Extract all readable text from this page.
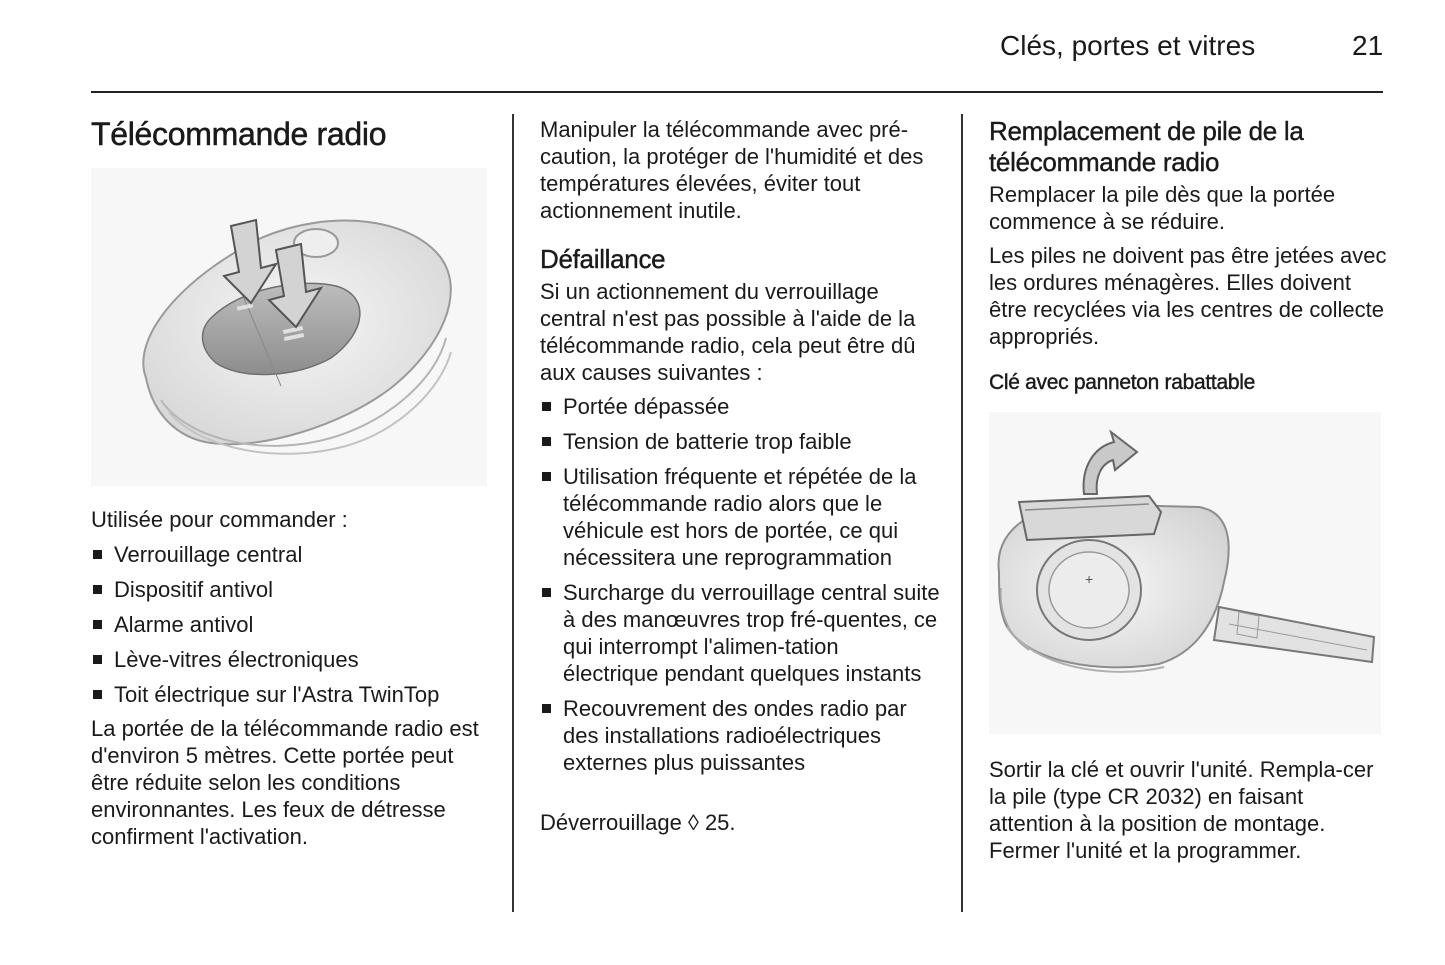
Clés, portes et vitres	21
Télécommande radio
Utilisée pour commander :
Verrouillage central
Dispositif antivol
Alarme antivol
Lève-vitres électroniques
Toit électrique sur l'Astra TwinTop

La portée de la télécommande radio est d'environ 5 mètres. Cette portée peut être réduite selon les conditions environnantes. Les feux de détresse confirment l'activation.

Manipuler la télécommande avec pré-caution, la protéger de l'humidité et des températures élevées, éviter tout actionnement inutile.

Défaillance

Si un actionnement du verrouillage central n'est pas possible à l'aide de la télécommande radio, cela peut être dû aux causes suivantes :

Portée dépassée
Tension de batterie trop faible
Utilisation fréquente et répétée de la télécommande radio alors que le véhicule est hors de portée, ce qui nécessitera une reprogrammation
Surcharge du verrouillage central suite à des manœuvres trop fré-quentes, ce qui interrompt l'alimen-tation électrique pendant quelques instants
Recouvrement des ondes radio par des installations radioélectriques externes plus puissantes
Déverrouillage ◊ 25.
Remplacement de pile de la télécommande radio

Remplacer la pile dès que la portée commence à se réduire.

Les piles ne doivent pas être jetées avec les ordures ménagères. Elles doivent être recyclées via les centres de collecte appropriés.

Clé avec panneton rabattable
+

Sortir la clé et ouvrir l'unité. Rempla-cer la pile (type CR 2032) en faisant attention à la position de montage. Fermer l'unité et la programmer.
